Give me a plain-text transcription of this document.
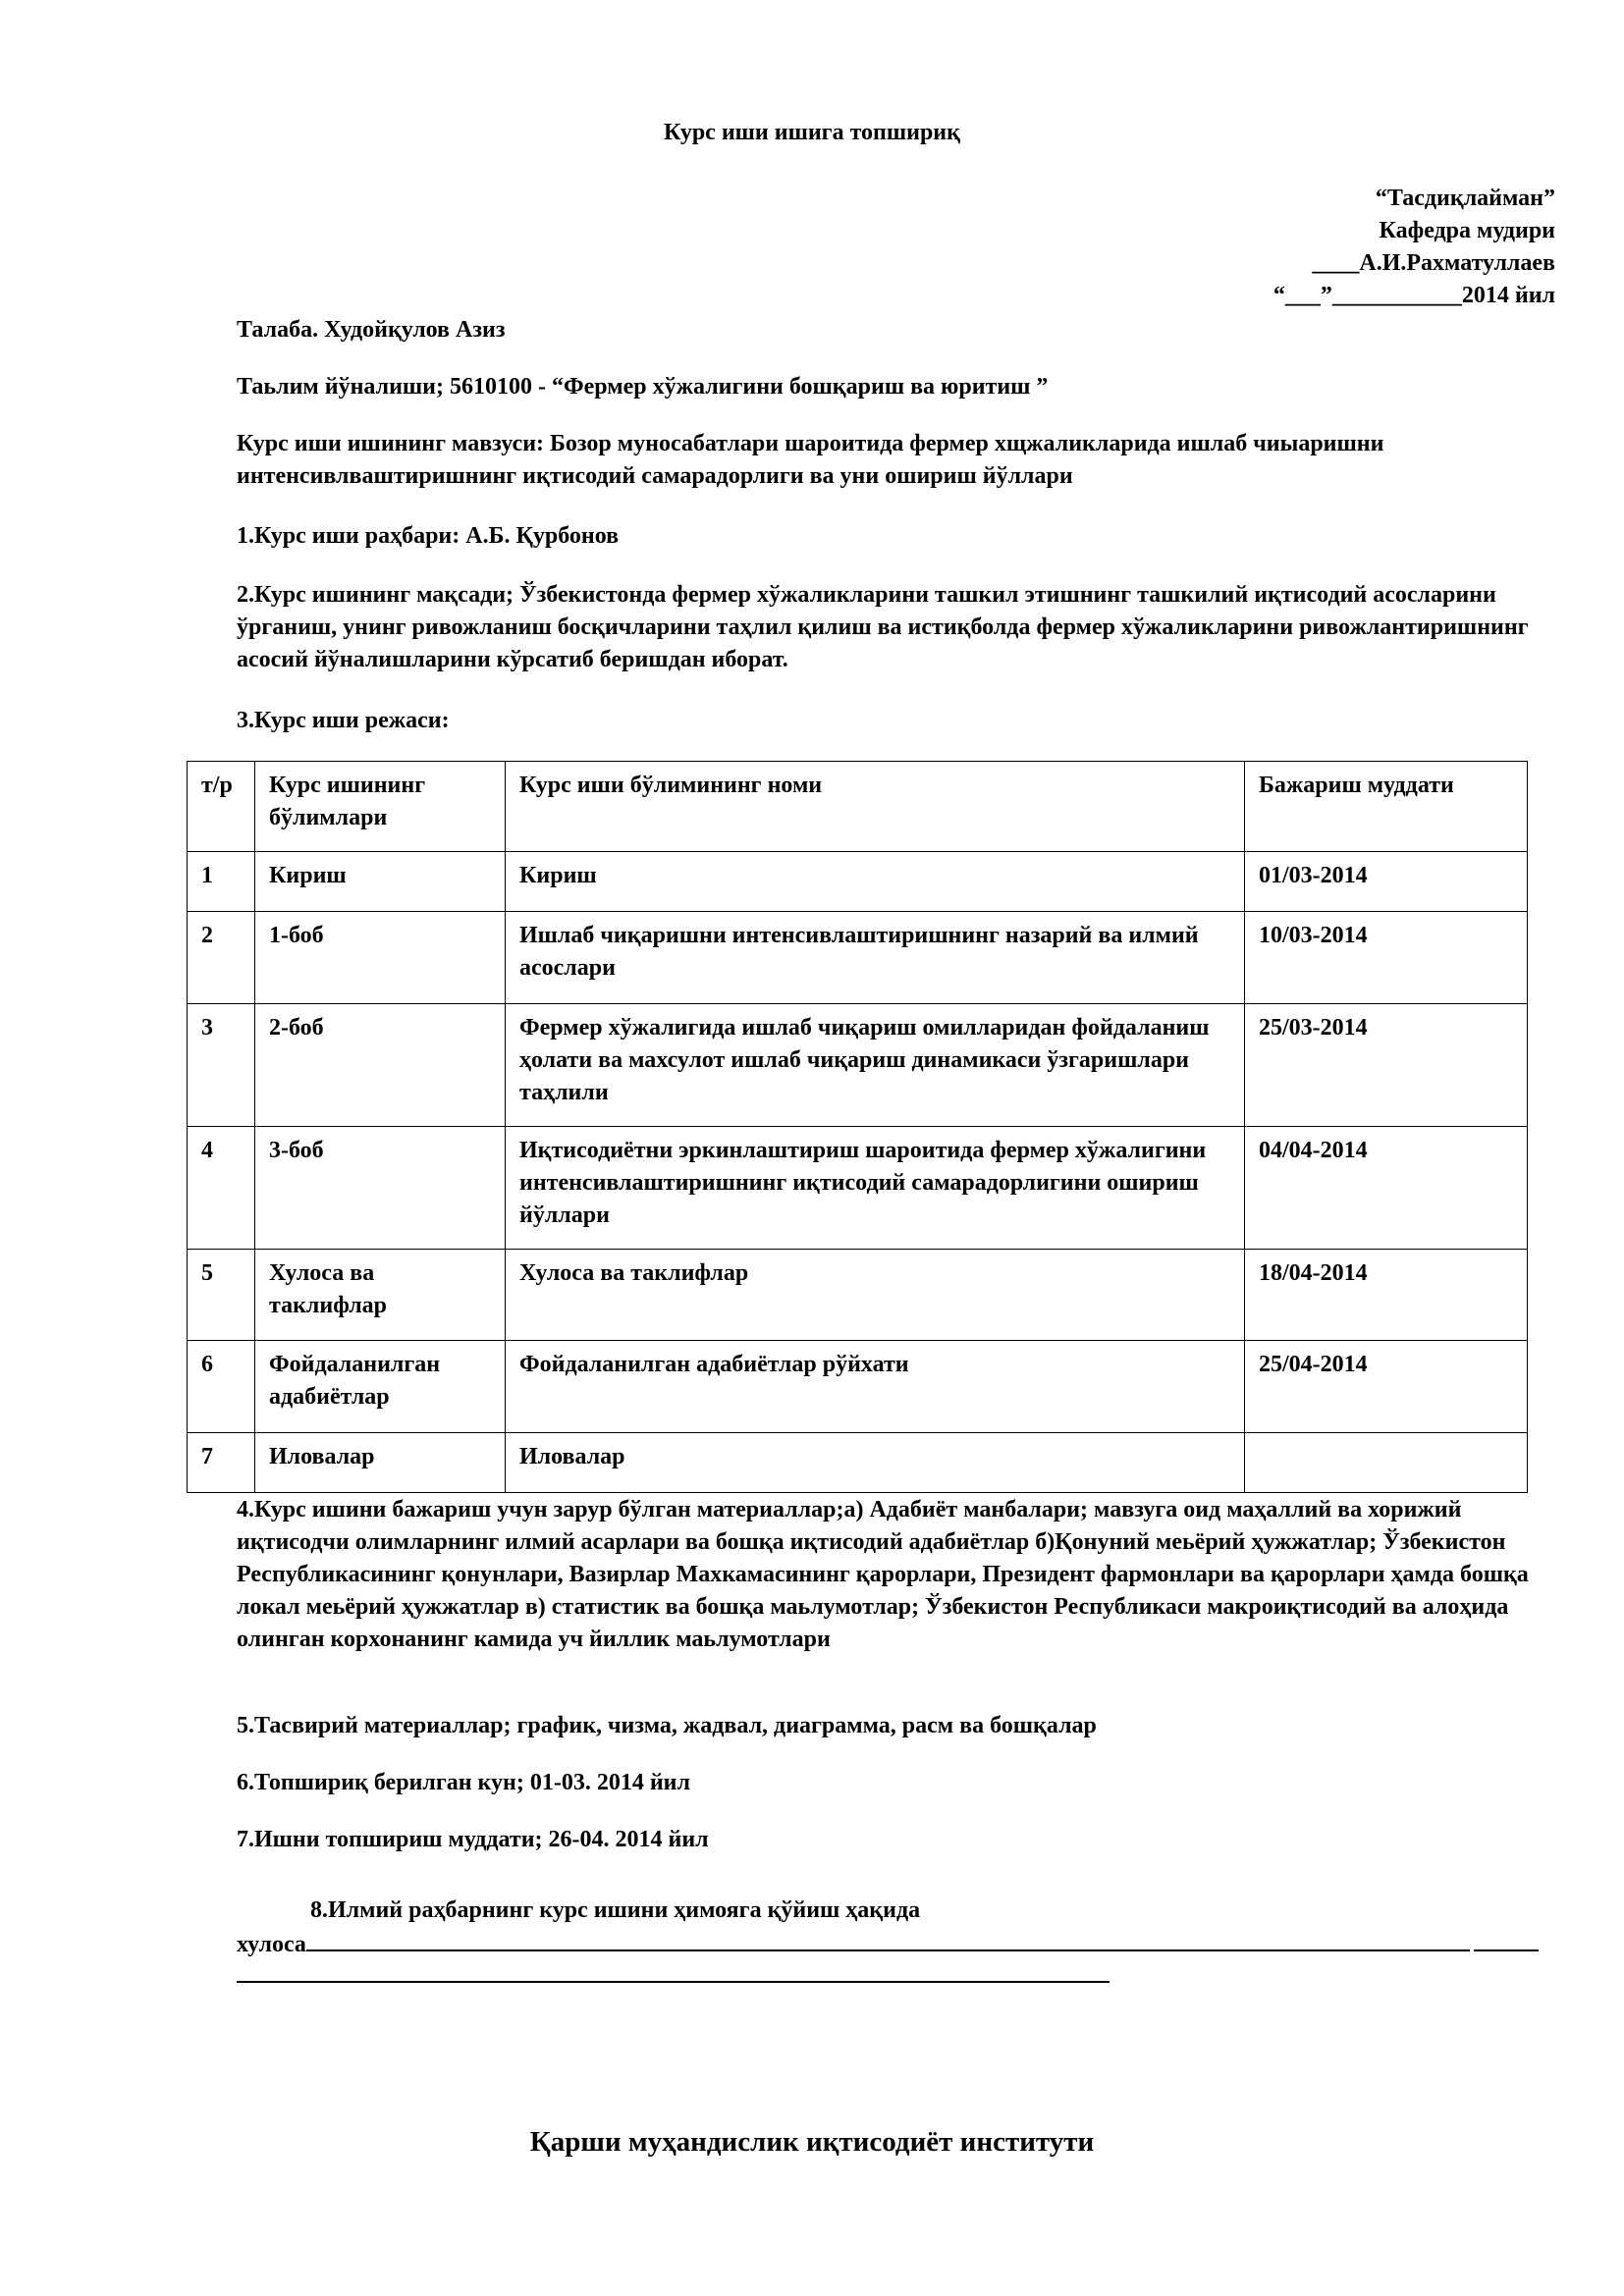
Курс иши ишига топшириқ
“Тасдиқлайман”
Кафедра мудири
____А.И.Рахматуллаев
“___”___________2014 йил

Талаба. Худойқулов Азиз

Таьлим йўналиши; 5610100 - “Фермер хўжалигини бошқариш ва юритиш ”

Курс иши ишининг мавзуси: Бозор муносабатлари шароитида фермер хщжаликларида ишлаб чиыаришни интенсивлваштиришнинг иқтисодий самарадорлиги ва уни ошириш йўллари

1.Курс иши раҳбари: А.Б. Қурбонов

2.Курс ишининг мақсади; Ўзбекистонда фермер хўжаликларини ташкил этишнинг ташкилий иқтисодий асосларини ўрганиш, унинг ривожланиш босқичларини таҳлил қилиш ва истиқболда фермер хўжаликларини ривожлантиришнинг асосий йўналишларини кўрсатиб беришдан иборат.

3.Курс иши режаси:

т/р	Курс ишининг бўлимлари	Курс иши бўлимининг номи	Бажариш муддати
1	Кириш	Кириш	01/03-2014
2	1-боб	Ишлаб чиқаришни интенсивлаштиришнинг назарий ва илмий асослари	10/03-2014
3	2-боб	Фермер хўжалигида ишлаб чиқариш омилларидан фойдаланиш ҳолати ва махсулот ишлаб чиқариш динамикаси ўзгаришлари таҳлили	25/03-2014
4	3-боб	Иқтисодиётни эркинлаштириш шароитида фермер хўжалигини интенсивлаштиришнинг иқтисодий самарадорлигини ошириш йўллари	04/04-2014
5	Хулоса ва таклифлар	Хулоса ва таклифлар	18/04-2014
6	Фойдаланилган адабиётлар	Фойдаланилган адабиётлар рўйхати	25/04-2014
7	Иловалар	Иловалар	

4.Курс ишини бажариш учун зарур бўлган материаллар;а) Адабиёт манбалари; мавзуга оид маҳаллий ва хорижий иқтисодчи олимларнинг илмий асарлари ва бошқа иқтисодий адабиётлар б)Қонуний меьёрий ҳужжатлар; Ўзбекистон Республикасининг қонунлари, Вазирлар Махкамасининг қарорлари, Президент фармонлари ва қарорлари ҳамда бошқа локал меьёрий ҳужжатлар в) статистик ва бошқа маьлумотлар; Ўзбекистон Республикаси макроиқтисодий ва алоҳида олинган корхонанинг камида уч йиллик маьлумотлари

5.Тасвирий материаллар; график, чизма, жадвал, диаграмма, расм ва бошқалар

6.Топшириқ берилган кун; 01-03. 2014 йил

7.Ишни топшириш муддати; 26-04. 2014 йил

8.Илмий раҳбарнинг курс ишини ҳимояга қўйиш ҳақида

хулоса
Қарши муҳандислик иқтисодиёт институти
